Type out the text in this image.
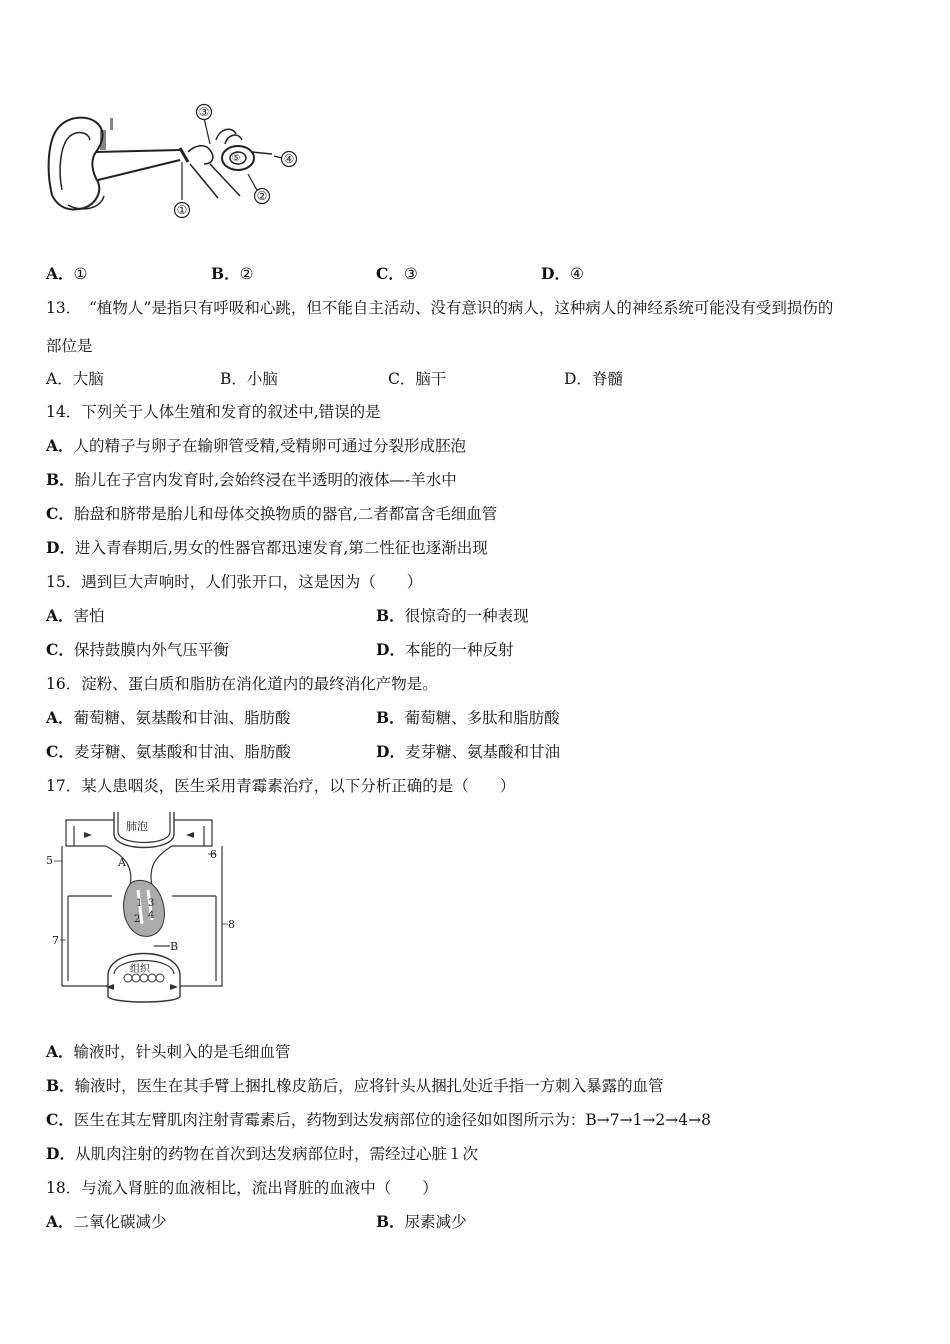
①
②
③
④
⑤
A．①	B．②	C．③	D．④
13．　“植物人”是指只有呼吸和心跳，但不能自主活动、没有意识的病人，这种病人的神经系统可能没有受到损伤的
部位是
A．大脑	B．小脑	C．脑干	D．脊髓
14．下列关于人体生殖和发育的叙述中,错误的是
A．人的精子与卵子在输卵管受精,受精卵可通过分裂形成胚泡
B．胎儿在子宫内发育时,会始终浸在半透明的液体—-羊水中
C．胎盘和脐带是胎儿和母体交换物质的器官,二者都富含毛细血管
D．进入青春期后,男女的性器官都迅速发育,第二性征也逐渐出现
15．遇到巨大声响时，人们张开口，这是因为（　　）
A．害怕	B．很惊奇的一种表现
C．保持鼓膜内外气压平衡	D．本能的一种反射
16．淀粉、蛋白质和脂肪在消化道内的最终消化产物是。
A．葡萄糖、氨基酸和甘油、脂肪酸	B．葡萄糖、多肽和脂肪酸
C．麦芽糖、氨基酸和甘油、脂肪酸	D．麦芽糖、氨基酸和甘油
17．某人患咽炎，医生采用青霉素治疗，以下分析正确的是（　　）
肺泡
组织
1
2
3
4
5	6
7
8
A
B
A．输液时，针头刺入的是毛细血管
B．输液时，医生在其手臂上捆扎橡皮筋后，应将针头从捆扎处近手指一方刺入暴露的血管
C．医生在其左臂肌肉注射青霉素后，药物到达发病部位的途径如如图所示为：B→7→1→2→4→8
D．从肌肉注射的药物在首次到达发病部位时，需经过心脏１次
18．与流入肾脏的血液相比，流出肾脏的血液中（　　）
A．二氧化碳减少	B．尿素减少
